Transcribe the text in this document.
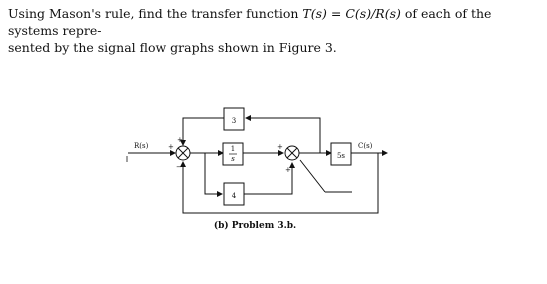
Using Mason's rule, find the transfer function T(s) = C(s)/R(s) of each of the systems repre-

sented by the signal flow graphs shown in Figure 3.

R(s)	+
+
−
1
s
3
4
+
+
5s
C(s)
(b) Problem 3.b.
